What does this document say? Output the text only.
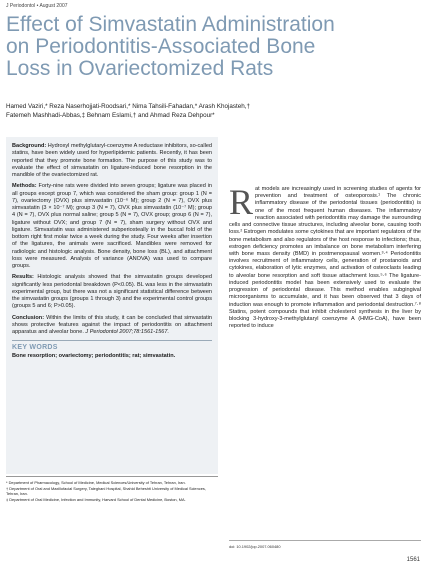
J Periodontol • August 2007
Effect of Simvastatin Administration
on Periodontitis-Associated Bone
Loss in Ovariectomized Rats
Hamed Vaziri,* Reza Naserhojjati-Roodsari,* Nima Tahsili-Fahadan,* Arash Khojasteh,†
Fatemeh Mashhadi-Abbas,‡ Behnam Eslami,† and Ahmad Reza Dehpour*

Background: Hydroxyl methylglutaryl-coenzyme A reductase inhibitors, so-called statins, have been widely used for hyperlipidemic patients. Recently, it has been reported that they promote bone formation. The purpose of this study was to evaluate the effect of simvastatin on ligature-induced bone resorption in the mandible of the ovariectomized rat.

Methods: Forty-nine rats were divided into seven groups; ligature was placed in all groups except group 7, which was considered the sham group: group 1 (N = 7), ovariectomy (OVX) plus simvastatin (10⁻⁶ M); group 2 (N = 7), OVX plus simvastatin (3 × 10⁻⁷ M); group 3 (N = 7), OVX plus simvastatin (10⁻⁷ M); group 4 (N = 7), OVX plus normal saline; group 5 (N = 7), OVX group; group 6 (N = 7), ligature without OVX; and group 7 (N = 7), sham surgery without OVX and ligature. Simvastatin was administered subperiosteally in the buccal fold of the bottom right first molar twice a week during the study. Four weeks after insertion of the ligatures, the animals were sacrificed. Mandibles were removed for radiologic and histologic analysis. Bone density, bone loss (BL), and attachment loss were measured. Analysis of variance (ANOVA) was used to compare groups.

Results: Histologic analysis showed that the simvastatin groups developed significantly less periodontal breakdown (P<0.05). BL was less in the simvastatin experimental group, but there was not a significant statistical difference between the simvastatin groups (groups 1 through 3) and the experimental control groups (groups 5 and 6; P>0.05).

Conclusion: Within the limits of this study, it can be concluded that simvastatin shows protective features against the impact of periodontitis on attachment apparatus and alveolar bone. J Periodontol 2007;78:1561-1567.

KEY WORDS
Bone resorption; ovariectomy; periodontitis; rat; simvastatin.

* Department of Pharmacology, School of Medicine, Medical Sciences/University of Tehran, Tehran, Iran.

† Department of Oral and Maxillofacial Surgery, Taleghani Hospital, Shahid Beheshti University of Medical Sciences, Tehran, Iran.

‡ Department of Oral Medicine, Infection and Immunity, Harvard School of Dental Medicine, Boston, MA.

Rat models are increasingly used in screening studies of agents for prevention and treatment of osteoporosis.¹ The chronic inflammatory disease of the periodontal tissues (periodontitis) is one of the most frequent human diseases. The inflammatory reaction associated with periodontitis may damage the surrounding cells and connective tissue structures, including alveolar bone, causing tooth loss.² Estrogen modulates some cytokines that are important regulators of the bone metabolism and also regulators of the host response to infections; thus, estrogen deficiency promotes an imbalance on bone metabolism interfering with bone mass density (BMD) in postmenopausal women.³·⁴ Periodontitis involves recruitment of inflammatory cells, generation of prostanoids and cytokines, elaboration of lytic enzymes, and activation of osteoclasts leading to alveolar bone resorption and soft tissue attachment loss.⁵·⁶ The ligature-induced periodontitis model has been extensively used to evaluate the progression of periodontal disease. This method enables subgingival microorganisms to accumulate, and it has been observed that 3 days of induction was enough to promote inflammation and periodontal destruction.⁷·⁸ Statins, potent compounds that inhibit cholesterol synthesis in the liver by blocking 3-hydroxy-3-methylglutaryl coenzyme A (HMG-CoA), have been reported to induce

doi: 10.1902/jop.2007.060480
1561
